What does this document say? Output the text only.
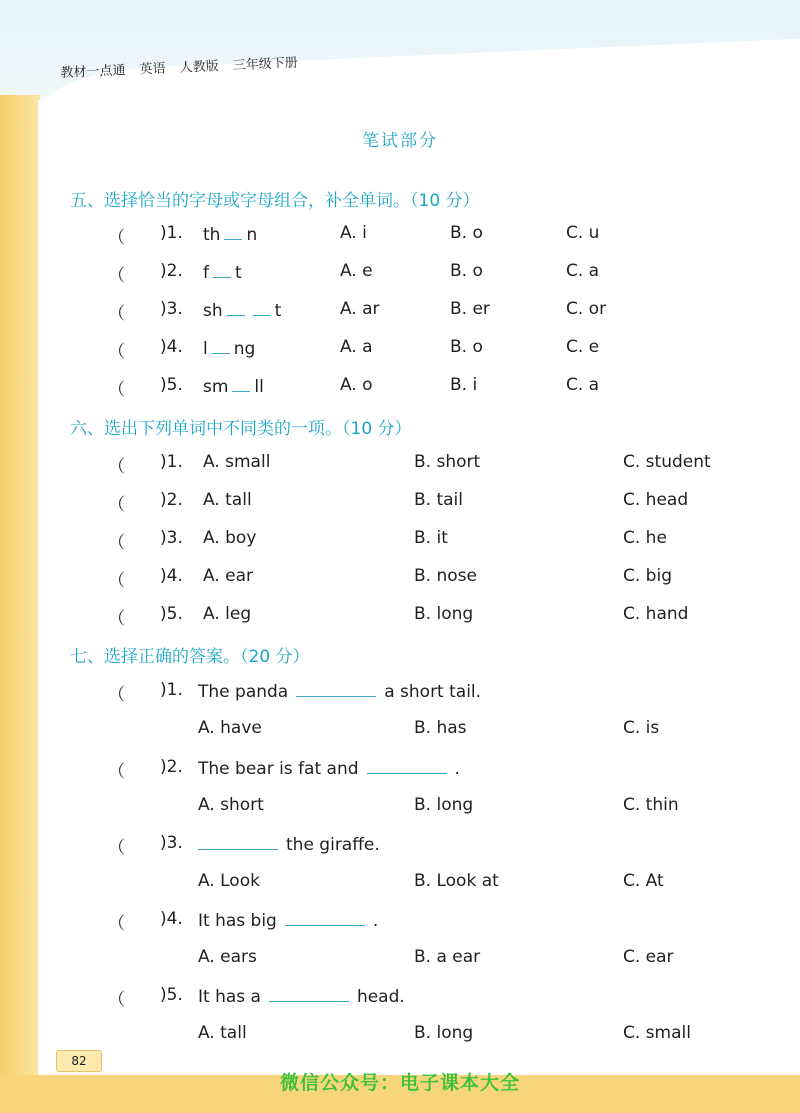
教材一点通 英语 人教版 三年级下册
笔试部分
五、选择恰当的字母或字母组合，补全单词。（10 分）
（ )1. th n	A. i	B. o	C. u
（ )2. f t	A. e	B. o	C. a
（ )3. sh	t	A. ar	B. er	C. or
（ )4. l ng	A. a	B. o	C. e
（ )5. sm ll	A. o	B. i	C. a
六、选出下列单词中不同类的一项。（10 分）
（ )1. A. small	B. short	C. student
（ )2. A. tall	B. tail	C. head
（ )3. A. boy	B. it	C. he
（ )4. A. ear	B. nose	C. big
（ )5. A. leg	B. long	C. hand
七、选择正确的答案。（20 分）
（ )1. The panda	a short tail.
A. have	B. has	C. is
（ )2. The bear is fat and	.
A. short	B. long	C. thin
（ )3.	the giraffe.
A. Look	B. Look at	C. At
（ )4. It has big	.
A. ears	B. a ear	C. ear
（ )5. It has a	head.
A. tall	B. long	C. small
82
微信公众号：电子课本大全
